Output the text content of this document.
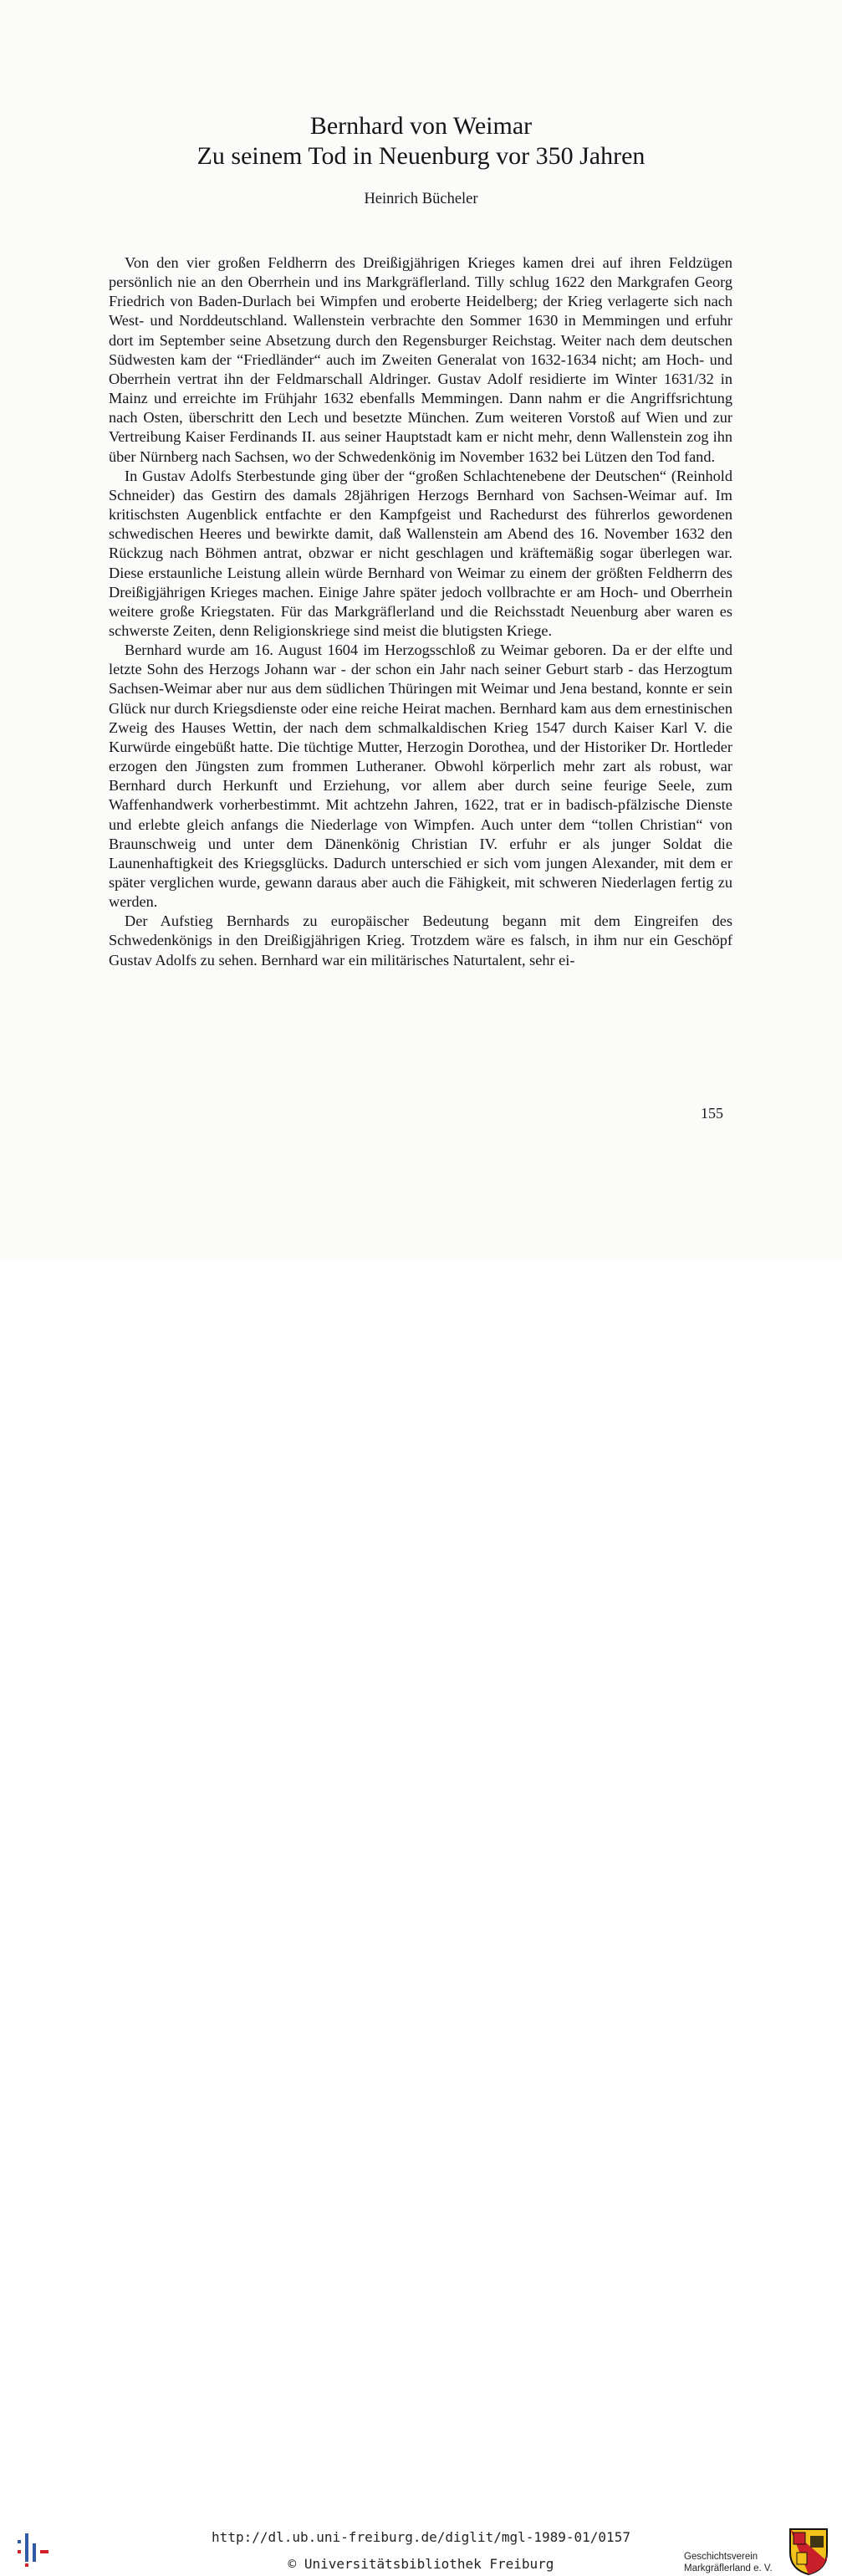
Bernhard von Weimar
Zu seinem Tod in Neuenburg vor 350 Jahren
Heinrich Bücheler

Von den vier großen Feldherrn des Dreißigjährigen Krieges kamen drei auf ihren Feldzügen persönlich nie an den Oberrhein und ins Markgräflerland. Tilly schlug 1622 den Markgrafen Georg Friedrich von Baden-Durlach bei Wimpfen und eroberte Heidelberg; der Krieg verlagerte sich nach West- und Norddeutschland. Wallenstein verbrachte den Sommer 1630 in Memmingen und erfuhr dort im September seine Absetzung durch den Regensburger Reichstag. Weiter nach dem deutschen Südwesten kam der “Friedländer“ auch im Zweiten Generalat von 1632-1634 nicht; am Hoch- und Oberrhein vertrat ihn der Feldmarschall Aldringer. Gustav Adolf residierte im Winter 1631/32 in Mainz und erreichte im Frühjahr 1632 ebenfalls Memmingen. Dann nahm er die Angriffsrichtung nach Osten, überschritt den Lech und besetzte München. Zum weiteren Vorstoß auf Wien und zur Vertreibung Kaiser Ferdinands II. aus seiner Hauptstadt kam er nicht mehr, denn Wallenstein zog ihn über Nürnberg nach Sachsen, wo der Schwedenkönig im November 1632 bei Lützen den Tod fand.

In Gustav Adolfs Sterbestunde ging über der “großen Schlachtenebene der Deutschen“ (Reinhold Schneider) das Gestirn des damals 28jährigen Herzogs Bernhard von Sachsen-Weimar auf. Im kritischsten Augenblick entfachte er den Kampfgeist und Rachedurst des führerlos gewordenen schwedischen Heeres und bewirkte damit, daß Wallenstein am Abend des 16. November 1632 den Rückzug nach Böhmen antrat, obzwar er nicht geschlagen und kräftemäßig sogar überlegen war. Diese erstaunliche Leistung allein würde Bernhard von Weimar zu einem der größten Feldherrn des Dreißigjährigen Krieges machen. Einige Jahre später jedoch vollbrachte er am Hoch- und Oberrhein weitere große Kriegstaten. Für das Markgräflerland und die Reichsstadt Neuenburg aber waren es schwerste Zeiten, denn Religionskriege sind meist die blutigsten Kriege.

Bernhard wurde am 16. August 1604 im Herzogsschloß zu Weimar geboren. Da er der elfte und letzte Sohn des Herzogs Johann war - der schon ein Jahr nach seiner Geburt starb - das Herzogtum Sachsen-Weimar aber nur aus dem südlichen Thüringen mit Weimar und Jena bestand, konnte er sein Glück nur durch Kriegsdienste oder eine reiche Heirat machen. Bernhard kam aus dem ernestinischen Zweig des Hauses Wettin, der nach dem schmalkaldischen Krieg 1547 durch Kaiser Karl V. die Kurwürde eingebüßt hatte. Die tüchtige Mutter, Herzogin Dorothea, und der Historiker Dr. Hortleder erzogen den Jüngsten zum frommen Lutheraner. Obwohl körperlich mehr zart als robust, war Bernhard durch Herkunft und Erziehung, vor allem aber durch seine feurige Seele, zum Waffenhandwerk vorherbestimmt. Mit achtzehn Jahren, 1622, trat er in badisch-pfälzische Dienste und erlebte gleich anfangs die Niederlage von Wimpfen. Auch unter dem “tollen Christian“ von Braunschweig und unter dem Dänenkönig Christian IV. erfuhr er als junger Soldat die Launenhaftigkeit des Kriegsglücks. Dadurch unterschied er sich vom jungen Alexander, mit dem er später verglichen wurde, gewann daraus aber auch die Fähigkeit, mit schweren Niederlagen fertig zu werden.

Der Aufstieg Bernhards zu europäischer Bedeutung begann mit dem Eingreifen des Schwedenkönigs in den Dreißigjährigen Krieg. Trotzdem wäre es falsch, in ihm nur ein Geschöpf Gustav Adolfs zu sehen. Bernhard war ein militärisches Naturtalent, sehr ei-

155
http://dl.ub.uni-freiburg.de/diglit/mgl-1989-01/0157
© Universitätsbibliothek Freiburg	Geschichtsverein
Markgräflerland e. V.
